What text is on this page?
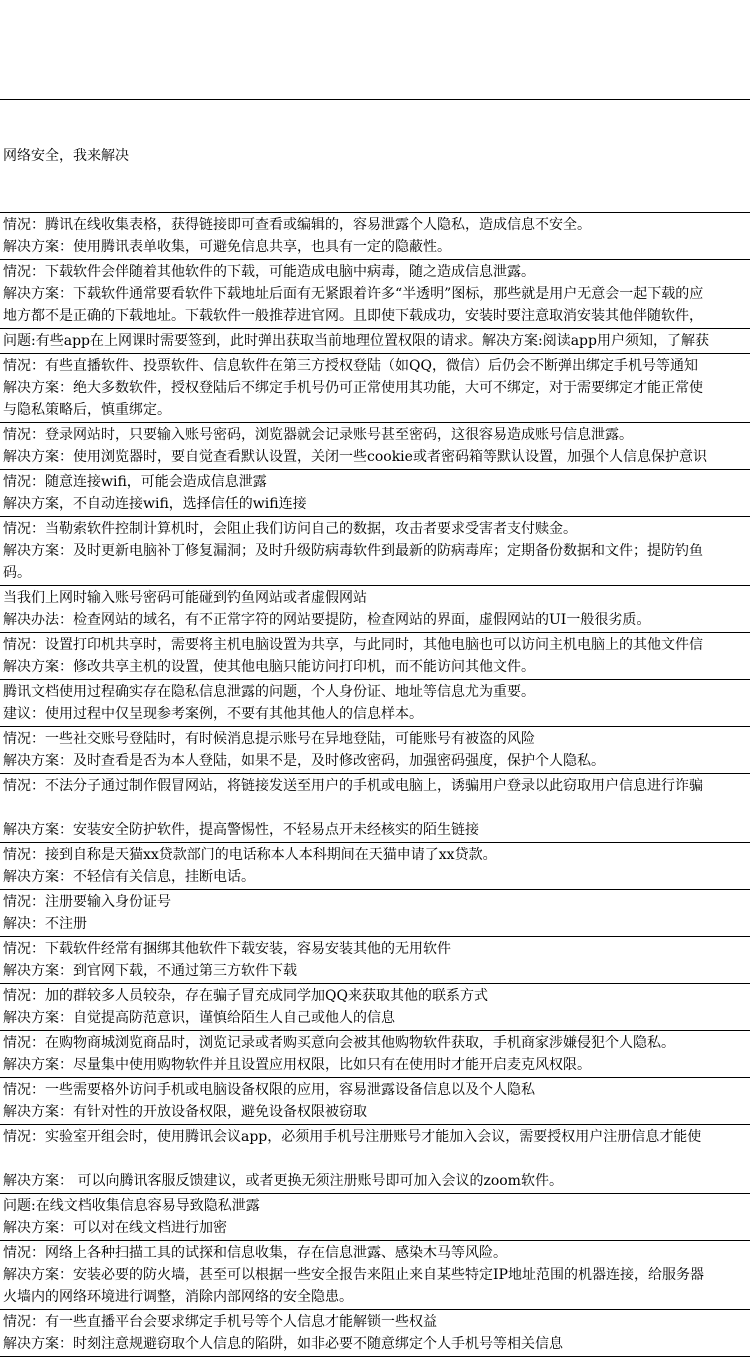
网络安全，我来解决

情况：腾讯在线收集表格，获得链接即可查看或编辑的，容易泄露个人隐私，造成信息不安全。
解决方案：使用腾讯表单收集，可避免信息共享，也具有一定的隐蔽性。
情况：下载软件会伴随着其他软件的下载，可能造成电脑中病毒，随之造成信息泄露。
解决方案：下载软件通常要看软件下载地址后面有无紧跟着许多“半透明”图标，那些就是用户无意会一起下载的应
地方都不是正确的下载地址。下载软件一般推荐进官网。且即使下载成功，安装时要注意取消安装其他伴随软件，
问题:有些app在上网课时需要签到，此时弹出获取当前地理位置权限的请求。解决方案:阅读app用户须知，了解获
情况：有些直播软件、投票软件、信息软件在第三方授权登陆（如QQ，微信）后仍会不断弹出绑定手机号等通知
解决方案：绝大多数软件，授权登陆后不绑定手机号仍可正常使用其功能，大可不绑定，对于需要绑定才能正常使
与隐私策略后，慎重绑定。
情况：登录网站时，只要输入账号密码，浏览器就会记录账号甚至密码，这很容易造成账号信息泄露。
解决方案：使用浏览器时，要自觉查看默认设置，关闭一些cookie或者密码箱等默认设置，加强个人信息保护意识
情况：随意连接wifi，可能会造成信息泄露
解决方案，不自动连接wifi，选择信任的wifi连接
情况：当勒索软件控制计算机时，会阻止我们访问自己的数据，攻击者要求受害者支付赎金。
解决方案：及时更新电脑补丁修复漏洞；及时升级防病毒软件到最新的防病毒库；定期备份数据和文件；提防钓鱼
码。
当我们上网时输入账号密码可能碰到钓鱼网站或者虚假网站
解决办法：检查网站的域名，有不正常字符的网站要提防，检查网站的界面，虚假网站的UI一般很劣质。
情况：设置打印机共享时，需要将主机电脑设置为共享，与此同时，其他电脑也可以访问主机电脑上的其他文件信
解决方案：修改共享主机的设置，使其他电脑只能访问打印机，而不能访问其他文件。
腾讯文档使用过程确实存在隐私信息泄露的问题，个人身份证、地址等信息尤为重要。
建议：使用过程中仅呈现参考案例，不要有其他其他人的信息样本。
情况：一些社交账号登陆时，有时候消息提示账号在异地登陆，可能账号有被盗的风险
解决方案：及时查看是否为本人登陆，如果不是，及时修改密码，加强密码强度，保护个人隐私。
情况：不法分子通过制作假冒网站，将链接发送至用户的手机或电脑上，诱骗用户登录以此窃取用户信息进行诈骗
解决方案：安装安全防护软件，提高警惕性，不轻易点开未经核实的陌生链接
情况：接到自称是天猫xx贷款部门的电话称本人本科期间在天猫申请了xx贷款。
解决方案：不轻信有关信息，挂断电话。
情况：注册要输入身份证号
解决：不注册
情况：下载软件经常有捆绑其他软件下载安装，容易安装其他的无用软件
解决方案：到官网下载，不通过第三方软件下载
情况：加的群较多人员较杂，存在骗子冒充成同学加QQ来获取其他的联系方式
解决方案：自觉提高防范意识，谨慎给陌生人自己或他人的信息
情况：在购物商城浏览商品时，浏览记录或者购买意向会被其他购物软件获取，手机商家涉嫌侵犯个人隐私。
解决方案：尽量集中使用购物软件并且设置应用权限，比如只有在使用时才能开启麦克风权限。
情况：一些需要格外访问手机或电脑设备权限的应用，容易泄露设备信息以及个人隐私
解决方案：有针对性的开放设备权限，避免设备权限被窃取
情况：实验室开组会时，使用腾讯会议app，必须用手机号注册账号才能加入会议，需要授权用户注册信息才能使
解决方案： 可以向腾讯客服反馈建议，或者更换无须注册账号即可加入会议的zoom软件。
问题:在线文档收集信息容易导致隐私泄露
解决方案：可以对在线文档进行加密
情况：网络上各种扫描工具的试探和信息收集，存在信息泄露、感染木马等风险。
解决方案：安装必要的防火墙，甚至可以根据一些安全报告来阻止来自某些特定IP地址范围的机器连接，给服务器
火墙内的网络环境进行调整，消除内部网络的安全隐患。
情况：有一些直播平台会要求绑定手机号等个人信息才能解锁一些权益
解决方案：时刻注意规避窃取个人信息的陷阱，如非必要不随意绑定个人手机号等相关信息
